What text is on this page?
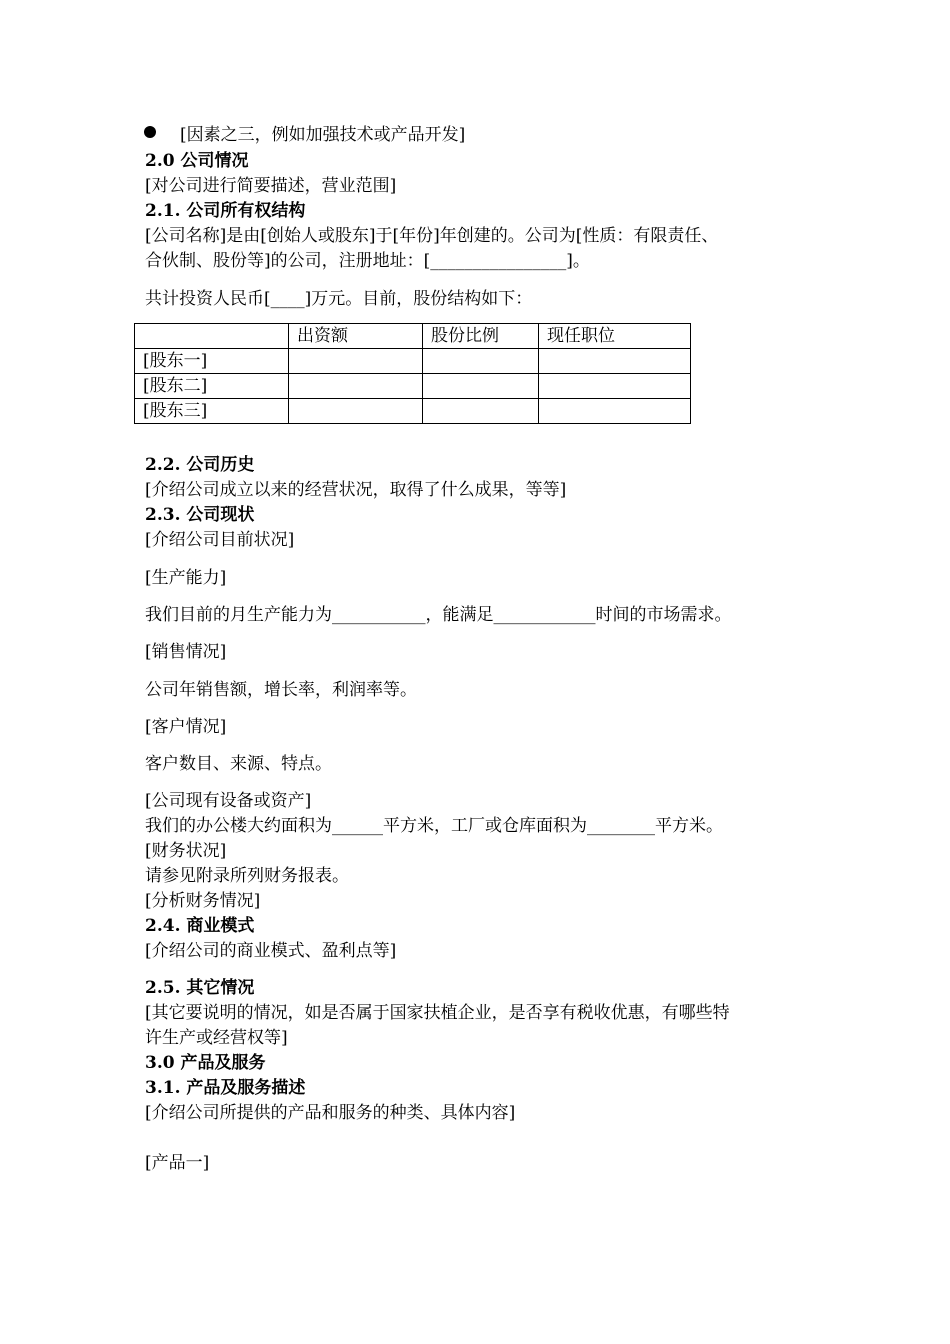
[因素之三，例如加强技术或产品开发]
2.0 公司情况
[对公司进行简要描述，营业范围]
2.1. 公司所有权结构
[公司名称]是由[创始人或股东]于[年份]年创建的。公司为[性质：有限责任、
合伙制、股份等]的公司，注册地址：[________________]。
共计投资人民币[____]万元。目前，股份结构如下：
	出资额	股份比例	现任职位
[股东一]			
[股东二]			
[股东三]			
2.2. 公司历史
[介绍公司成立以来的经营状况，取得了什么成果，等等]
2.3. 公司现状
[介绍公司目前状况]
[生产能力]
我们目前的月生产能力为___________，能满足____________时间的市场需求。
[销售情况]
公司年销售额，增长率，利润率等。
[客户情况]
客户数目、来源、特点。
[公司现有设备或资产]
我们的办公楼大约面积为______平方米，工厂或仓库面积为________平方米。
[财务状况]
请参见附录所列财务报表。
[分析财务情况]
2.4. 商业模式
[介绍公司的商业模式、盈利点等]
2.5. 其它情况
[其它要说明的情况，如是否属于国家扶植企业，是否享有税收优惠，有哪些特
许生产或经营权等]
3.0 产品及服务
3.1. 产品及服务描述
[介绍公司所提供的产品和服务的种类、具体内容]
[产品一]
